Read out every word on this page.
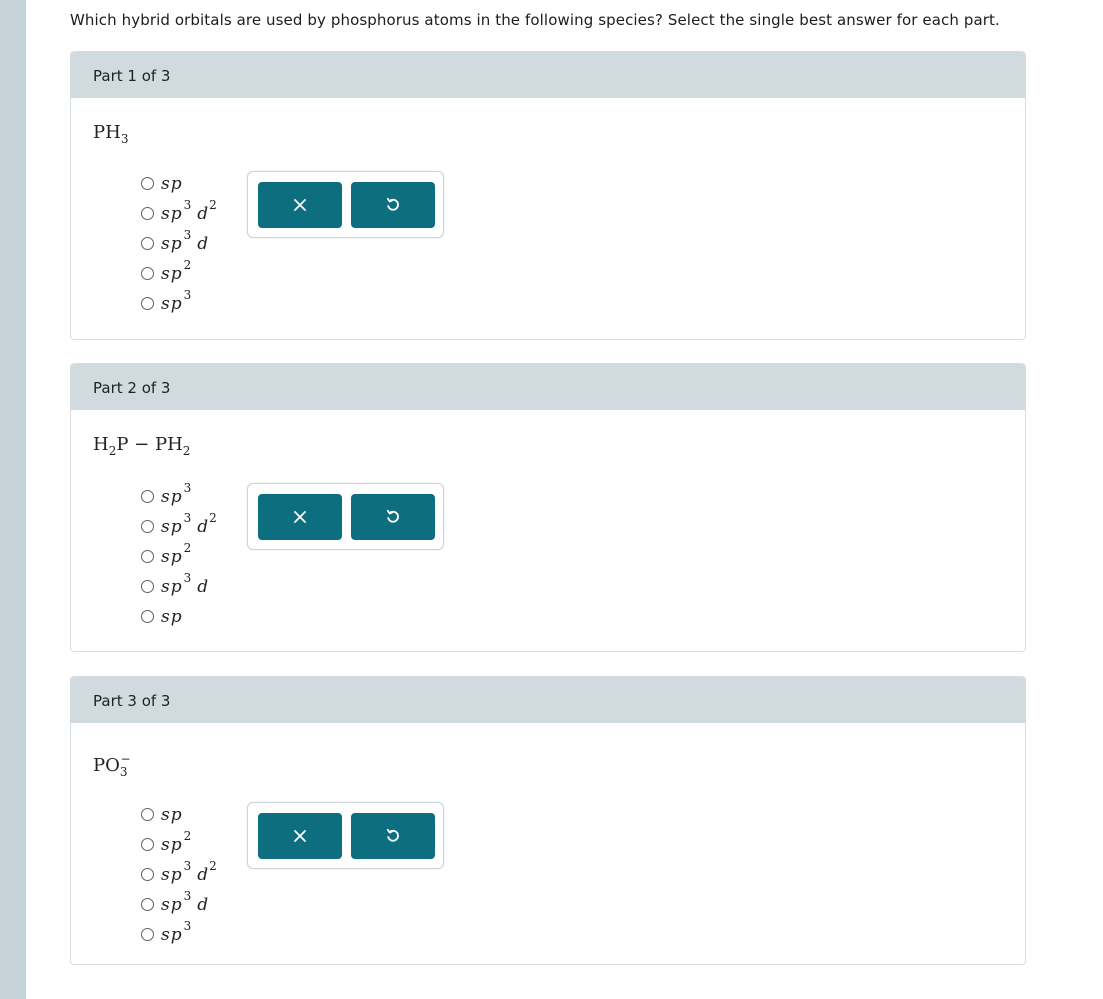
Which hybrid orbitals are used by phosphorus atoms in the following species? Select the single best answer for each part.
Part 1 of 3
$PH_3$
sp
$sp^3$ $d^2$
$sp^3$ d
$sp^2$
$sp^3$
Part 2 of 3
$H_2P - PH_2$
$sp^3$
$sp^3$ $d^2$
$sp^2$
$sp^3$ d
sp
Part 3 of 3
$PO_3^-$
sp
$sp^2$
$sp^3$ $d^2$
$sp^3$ d
$sp^3$
